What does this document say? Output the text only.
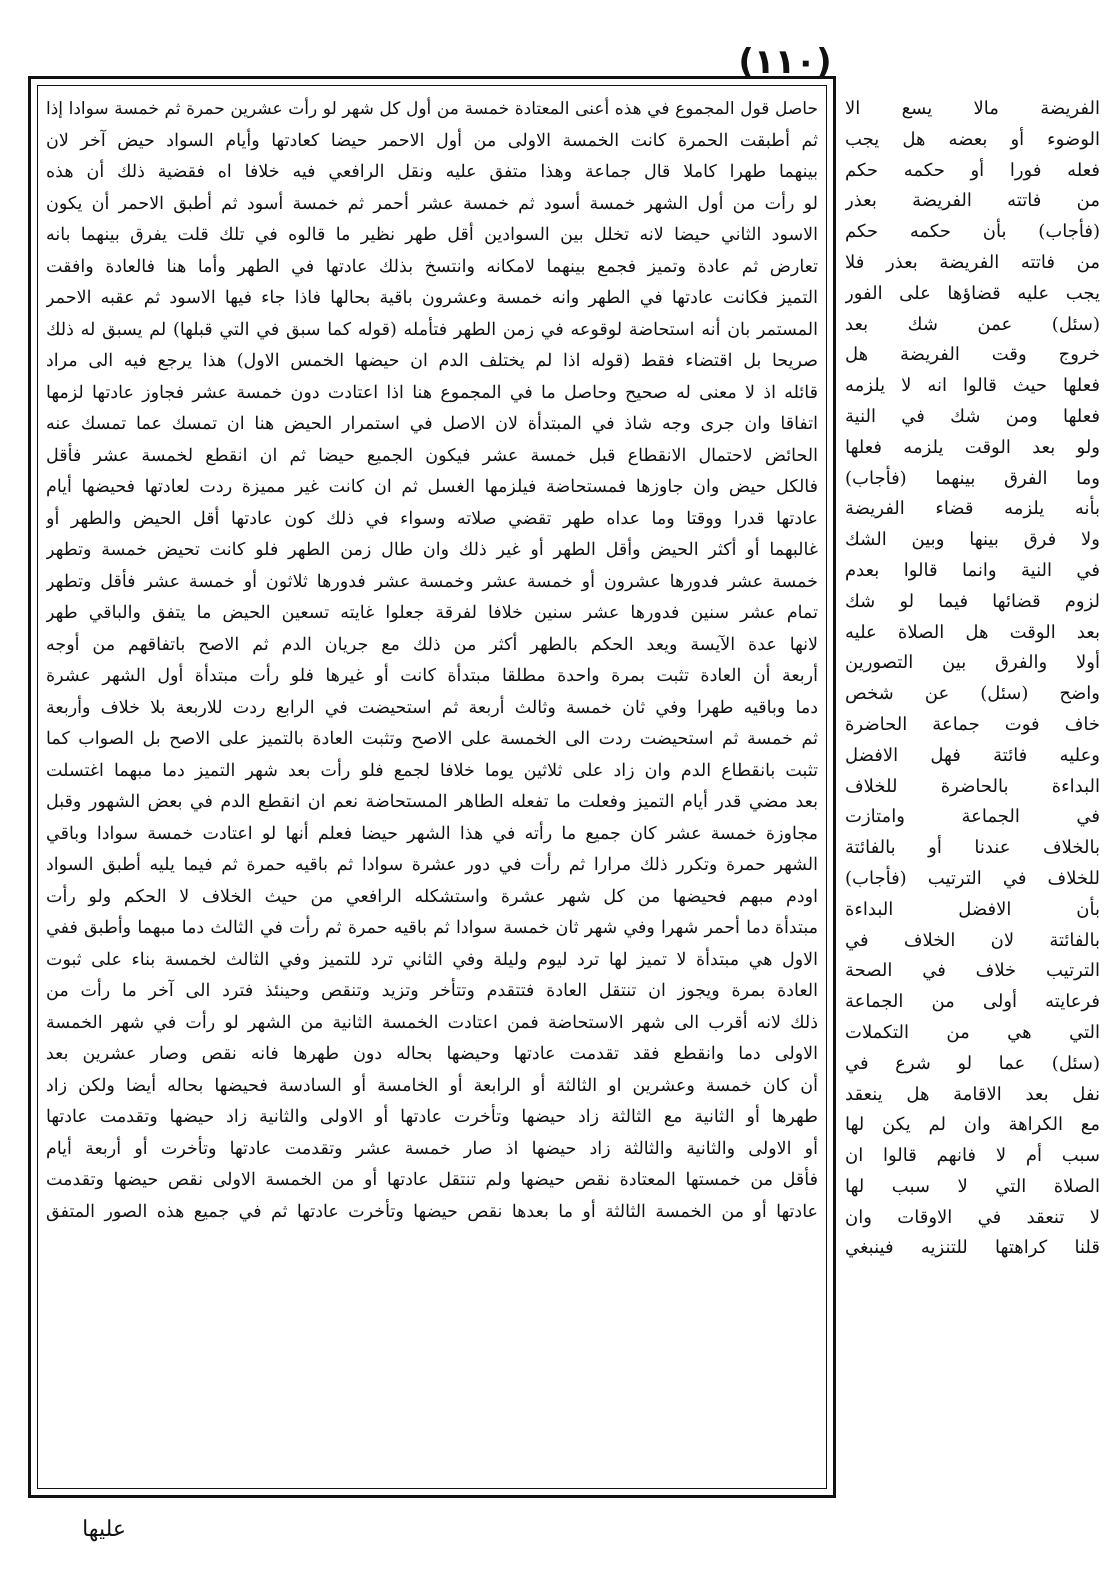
(١١٠)
حاصل قول المجموع في هذه أعنى المعتادة خمسة من أول كل شهر لو رأت عشرين حمرة ثم خمسة سوادا إذا
ثم أطبقت الحمرة كانت الخمسة الاولى من أول الاحمر حيضا كعادتها وأيام السواد حيض آخر لان
بينهما طهرا كاملا قال جماعة وهذا متفق عليه ونقل الرافعي فيه خلافا اه فقضية ذلك أن هذه
لو رأت من أول الشهر خمسة أسود ثم خمسة عشر أحمر ثم خمسة أسود ثم أطبق الاحمر أن يكون
الاسود الثاني حيضا لانه تخلل بين السوادين أقل طهر نظير ما قالوه في تلك قلت يفرق بينهما بانه
تعارض ثم عادة وتميز فجمع بينهما لامكانه وانتسخ بذلك عادتها في الطهر وأما هنا فالعادة وافقت
التميز فكانت عادتها في الطهر وانه خمسة وعشرون باقية بحالها فاذا جاء فيها الاسود ثم عقبه الاحمر
المستمر بان أنه استحاضة لوقوعه في زمن الطهر فتأمله (قوله كما سبق في التي قبلها) لم يسبق له ذلك
صريحا بل اقتضاء فقط (قوله اذا لم يختلف الدم ان حيضها الخمس الاول) هذا يرجع فيه الى مراد
قائله اذ لا معنى له صحيح وحاصل ما في المجموع هنا اذا اعتادت دون خمسة عشر فجاوز عادتها لزمها
اتفاقا وان جرى وجه شاذ في المبتدأة لان الاصل في استمرار الحيض هنا ان تمسك عما تمسك عنه
الحائض لاحتمال الانقطاع قبل خمسة عشر فيكون الجميع حيضا ثم ان انقطع لخمسة عشر فأقل
فالكل حيض وان جاوزها فمستحاضة فيلزمها الغسل ثم ان كانت غير مميزة ردت لعادتها فحيضها أيام
عادتها قدرا ووقتا وما عداه طهر تقضي صلاته وسواء في ذلك كون عادتها أقل الحيض والطهر أو
غالبهما أو أكثر الحيض وأقل الطهر أو غير ذلك وان طال زمن الطهر فلو كانت تحيض خمسة وتطهر
خمسة عشر فدورها عشرون أو خمسة عشر وخمسة عشر فدورها ثلاثون أو خمسة عشر فأقل وتطهر
تمام عشر سنين فدورها عشر سنين خلافا لفرقة جعلوا غايته تسعين الحيض ما يتفق والباقي طهر
لانها عدة الآيسة ويعد الحكم بالطهر أكثر من ذلك مع جريان الدم ثم الاصح باتفاقهم من أوجه
أربعة أن العادة تثبت بمرة واحدة مطلقا مبتدأة كانت أو غيرها فلو رأت مبتدأة أول الشهر عشرة
دما وباقيه طهرا وفي ثان خمسة وثالث أربعة ثم استحيضت في الرابع ردت للاربعة بلا خلاف وأربعة
ثم خمسة ثم استحيضت ردت الى الخمسة على الاصح وتثبت العادة بالتميز على الاصح بل الصواب كما
تثبت بانقطاع الدم وان زاد على ثلاثين يوما خلافا لجمع فلو رأت بعد شهر التميز دما مبهما اغتسلت
بعد مضي قدر أيام التميز وفعلت ما تفعله الطاهر المستحاضة نعم ان انقطع الدم في بعض الشهور وقبل
مجاوزة خمسة عشر كان جميع ما رأته في هذا الشهر حيضا فعلم أنها لو اعتادت خمسة سوادا وباقي
الشهر حمرة وتكرر ذلك مرارا ثم رأت في دور عشرة سوادا ثم باقيه حمرة ثم فيما يليه أطبق السواد
اودم مبهم فحيضها من كل شهر عشرة واستشكله الرافعي من حيث الخلاف لا الحكم ولو رأت
مبتدأة دما أحمر شهرا وفي شهر ثان خمسة سوادا ثم باقيه حمرة ثم رأت في الثالث دما مبهما وأطبق ففي
الاول هي مبتدأة لا تميز لها ترد ليوم وليلة وفي الثاني ترد للتميز وفي الثالث لخمسة بناء على ثبوت
العادة بمرة ويجوز ان تنتقل العادة فتتقدم وتتأخر وتزيد وتنقص وحينئذ فترد الى آخر ما رأت من
ذلك لانه أقرب الى شهر الاستحاضة فمن اعتادت الخمسة الثانية من الشهر لو رأت في شهر الخمسة
الاولى دما وانقطع فقد تقدمت عادتها وحيضها بحاله دون طهرها فانه نقص وصار عشرين بعد
أن كان خمسة وعشرين او الثالثة أو الرابعة أو الخامسة أو السادسة فحيضها بحاله أيضا ولكن زاد
طهرها أو الثانية مع الثالثة زاد حيضها وتأخرت عادتها أو الاولى والثانية زاد حيضها وتقدمت عادتها
أو الاولى والثانية والثالثة زاد حيضها اذ صار خمسة عشر وتقدمت عادتها وتأخرت أو أربعة أيام
فأقل من خمستها المعتادة نقص حيضها ولم تنتقل عادتها أو من الخمسة الاولى نقص حيضها وتقدمت
عادتها أو من الخمسة الثالثة أو ما بعدها نقص حيضها وتأخرت عادتها ثم في جميع هذه الصور المتفق
الفريضة مالا يسع الا
الوضوء أو بعضه هل يجب
فعله فورا أو حكمه حكم
من فاتته الفريضة بعذر
(فأجاب) بأن حكمه حكم
من فاتته الفريضة بعذر فلا
يجب عليه قضاؤها على الفور
(سئل) عمن شك بعد
خروج وقت الفريضة هل
فعلها حيث قالوا انه لا يلزمه
فعلها ومن شك في النية
ولو بعد الوقت يلزمه فعلها
وما الفرق بينهما (فأجاب)
بأنه يلزمه قضاء الفريضة
ولا فرق بينها وبين الشك
في النية وانما قالوا بعدم
لزوم قضائها فيما لو شك
بعد الوقت هل الصلاة عليه
أولا والفرق بين التصورين
واضح (سئل) عن شخص
خاف فوت جماعة الحاضرة
وعليه فائتة فهل الافضل
البداءة بالحاضرة للخلاف
في الجماعة وامتازت
بالخلاف عندنا أو بالفائتة
للخلاف في الترتيب (فأجاب)
بأن الافضل البداءة
بالفائتة لان الخلاف في
الترتيب خلاف في الصحة
فرعايته أولى من الجماعة
التي هي من التكملات
(سئل) عما لو شرع في
نفل بعد الاقامة هل ينعقد
مع الكراهة وان لم يكن لها
سبب أم لا فانهم قالوا ان
الصلاة التي لا سبب لها
لا تنعقد في الاوقات وان
قلنا كراهتها للتنزيه فينبغي
عليها
